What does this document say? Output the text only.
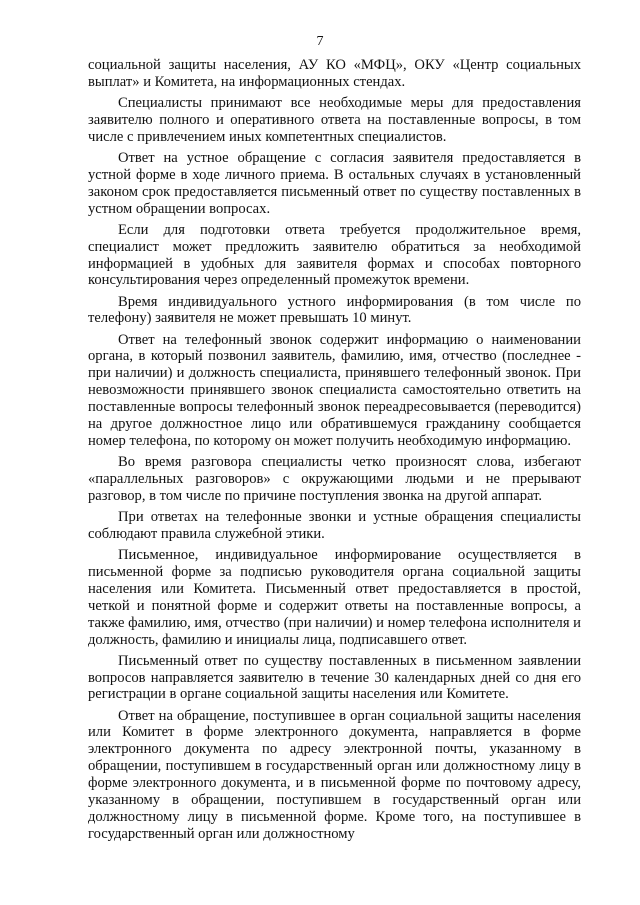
7

социальной защиты населения, АУ КО «МФЦ», ОКУ «Центр социальных выплат» и Комитета, на информационных стендах.

Специалисты принимают все необходимые меры для предоставления заявителю полного и оперативного ответа на поставленные вопросы, в том числе с привлечением иных компетентных специалистов.

Ответ на устное обращение с согласия заявителя предоставляется в устной форме в ходе личного приема. В остальных случаях в установленный законом срок предоставляется письменный ответ по существу поставленных в устном обращении вопросах.

Если для подготовки ответа требуется продолжительное время, специалист может предложить заявителю обратиться за необходимой информацией в удобных для заявителя формах и способах повторного консультирования через определенный промежуток времени.

Время индивидуального устного информирования (в том числе по телефону) заявителя не может превышать 10 минут.

Ответ на телефонный звонок содержит информацию о наименовании органа, в который позвонил заявитель, фамилию, имя, отчество (последнее - при наличии) и должность специалиста, принявшего телефонный звонок. При невозможности принявшего звонок специалиста самостоятельно ответить на поставленные вопросы телефонный звонок переадресовывается (переводится) на другое должностное лицо или обратившемуся гражданину сообщается номер телефона, по которому он может получить необходимую информацию.

Во время разговора специалисты четко произносят слова, избегают «параллельных разговоров» с окружающими людьми и не прерывают разговор, в том числе по причине поступления звонка на другой аппарат.

При ответах на телефонные звонки и устные обращения специалисты соблюдают правила служебной этики.

Письменное, индивидуальное информирование осуществляется в письменной форме за подписью руководителя органа социальной защиты населения или Комитета. Письменный ответ предоставляется в простой, четкой и понятной форме и содержит ответы на поставленные вопросы, а также фамилию, имя, отчество (при наличии) и номер телефона исполнителя и должность, фамилию и инициалы лица, подписавшего ответ.

Письменный ответ по существу поставленных в письменном заявлении вопросов направляется заявителю в течение 30 календарных дней со дня его регистрации в органе социальной защиты населения или Комитете.

Ответ на обращение, поступившее в орган социальной защиты населения или Комитет в форме электронного документа, направляется в форме электронного документа по адресу электронной почты, указанному в обращении, поступившем в государственный орган или должностному лицу в форме электронного документа, и в письменной форме по почтовому адресу, указанному в обращении, поступившем в государственный орган или должностному лицу в письменной форме. Кроме того, на поступившее в государственный орган или должностному
